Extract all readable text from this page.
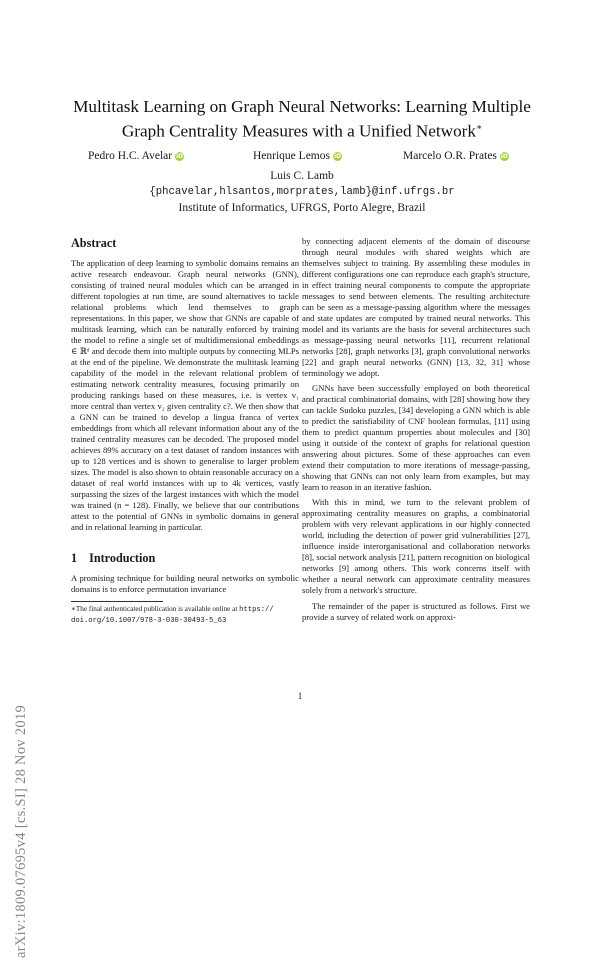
arXiv:1809.07695v4 [cs.SI] 28 Nov 2019
Multitask Learning on Graph Neural Networks: Learning Multiple
Graph Centrality Measures with a Unified Network∗
Pedro H.C. Avelar iD	Henrique Lemos iD	Marcelo O.R. Prates iD
Luis C. Lamb
{phcavelar,hlsantos,morprates,lamb}@inf.ufrgs.br
Institute of Informatics, UFRGS, Porto Alegre, Brazil
Abstract

The application of deep learning to symbolic domains remains an active research endeavour. Graph neural networks (GNN), consisting of trained neural modules which can be arranged in different topologies at run time, are sound alternatives to tackle relational problems which lend themselves to graph representations. In this paper, we show that GNNs are capable of multitask learning, which can be naturally enforced by training the model to refine a single set of multidimensional embeddings ∈ ℝᵈ and decode them into multiple outputs by connecting MLPs at the end of the pipeline. We demonstrate the multitask learning capability of the model in the relevant relational problem of estimating network centrality measures, focusing primarily on producing rankings based on these measures, i.e. is vertex v₁ more central than vertex v₂ given centrality c?. We then show that a GNN can be trained to develop a lingua franca of vertex embeddings from which all relevant information about any of the trained centrality measures can be decoded. The proposed model achieves 89% accuracy on a test dataset of random instances with up to 128 vertices and is shown to generalise to larger problem sizes. The model is also shown to obtain reasonable accuracy on a dataset of real world instances with up to 4k vertices, vastly surpassing the sizes of the largest instances with which the model was trained (n = 128). Finally, we believe that our contributions attest to the potential of GNNs in symbolic domains in general and in relational learning in particular.

1 Introduction

A promising technique for building neural networks on symbolic domains is to enforce permutation invariance

∗The final authenticated publication is available online at https://
doi.org/10.1007/978-3-030-30493-5_63

by connecting adjacent elements of the domain of discourse through neural modules with shared weights which are themselves subject to training. By assembling these modules in different configurations one can reproduce each graph's structure, in effect training neural components to compute the appropriate messages to send between elements. The resulting architecture can be seen as a message-passing algorithm where the messages and state updates are computed by trained neural networks. This model and its variants are the basis for several architectures such as message-passing neural networks [11], recurrent relational networks [28], graph networks [3], graph convolutional networks [22] and graph neural networks (GNN) [13, 32, 31] whose terminology we adopt.

GNNs have been successfully employed on both theoretical and practical combinatorial domains, with [28] showing how they can tackle Sudoku puzzles, [34] developing a GNN which is able to predict the satisfiability of CNF boolean formulas, [11] using them to predict quantum properties about molecules and [30] using it outside of the context of graphs for relational question answering about pictures. Some of these approaches can even extend their computation to more iterations of message-passing, showing that GNNs can not only learn from examples, but may learn to reason in an iterative fashion.

With this in mind, we turn to the relevant problem of approximating centrality measures on graphs, a combinatorial problem with very relevant applications in our highly connected world, including the detection of power grid vulnerabilities [27], influence inside interorganisational and collaboration networks [8], social network analysis [21], pattern recognition on biological networks [9] among others. This work concerns itself with whether a neural network can approximate centrality measures solely from a network's structure.

The remainder of the paper is structured as follows. First we provide a survey of related work on approxi-

1
